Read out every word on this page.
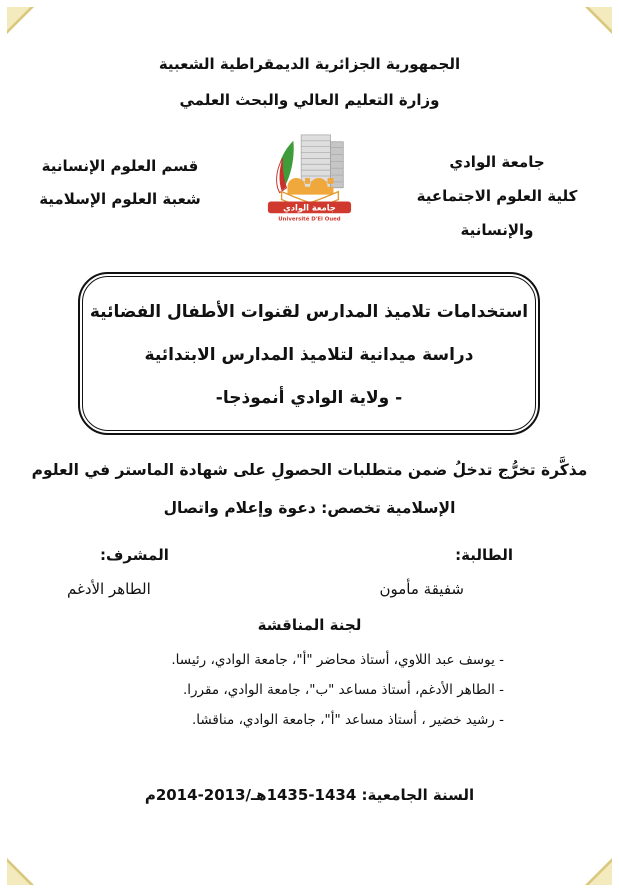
الجمهورية الجزائرية الديمقراطية الشعبية
وزارة التعليم العالي والبحث العلمي
جامعة الوادي
كلية العلوم الاجتماعية
والإنسانية
قسم العلوم الإنسانية
شعبة العلوم الإسلامية	جامعة الوادي
Université D'El Oued
استخدامات تلاميذ المدارس لقنوات الأطفال الفضائية
دراسة ميدانية لتلاميذ المدارس الابتدائية
- ولاية الوادي أنموذجا-
مذكَّرة تخرُّج تدخلُ ضمن متطلبات الحصولِ على شهادة الماستر في العلوم
الإسلامية تخصص: دعوة وإعلام واتصال
الطالبة:
شفيقة مأمون
المشرف:
الطاهر الأدغم
لجنة المناقشة
- يوسف عبد اللاوي، أستاذ محاضر "أ"، جامعة الوادي، رئيسا.
- الطاهر الأدغم، أستاذ مساعد "ب"، جامعة الوادي، مقررا.
- رشيد خضير ، أستاذ مساعد "أ"، جامعة الوادي، مناقشا.
السنة الجامعية: 1434-1435هـ/2013-2014م
